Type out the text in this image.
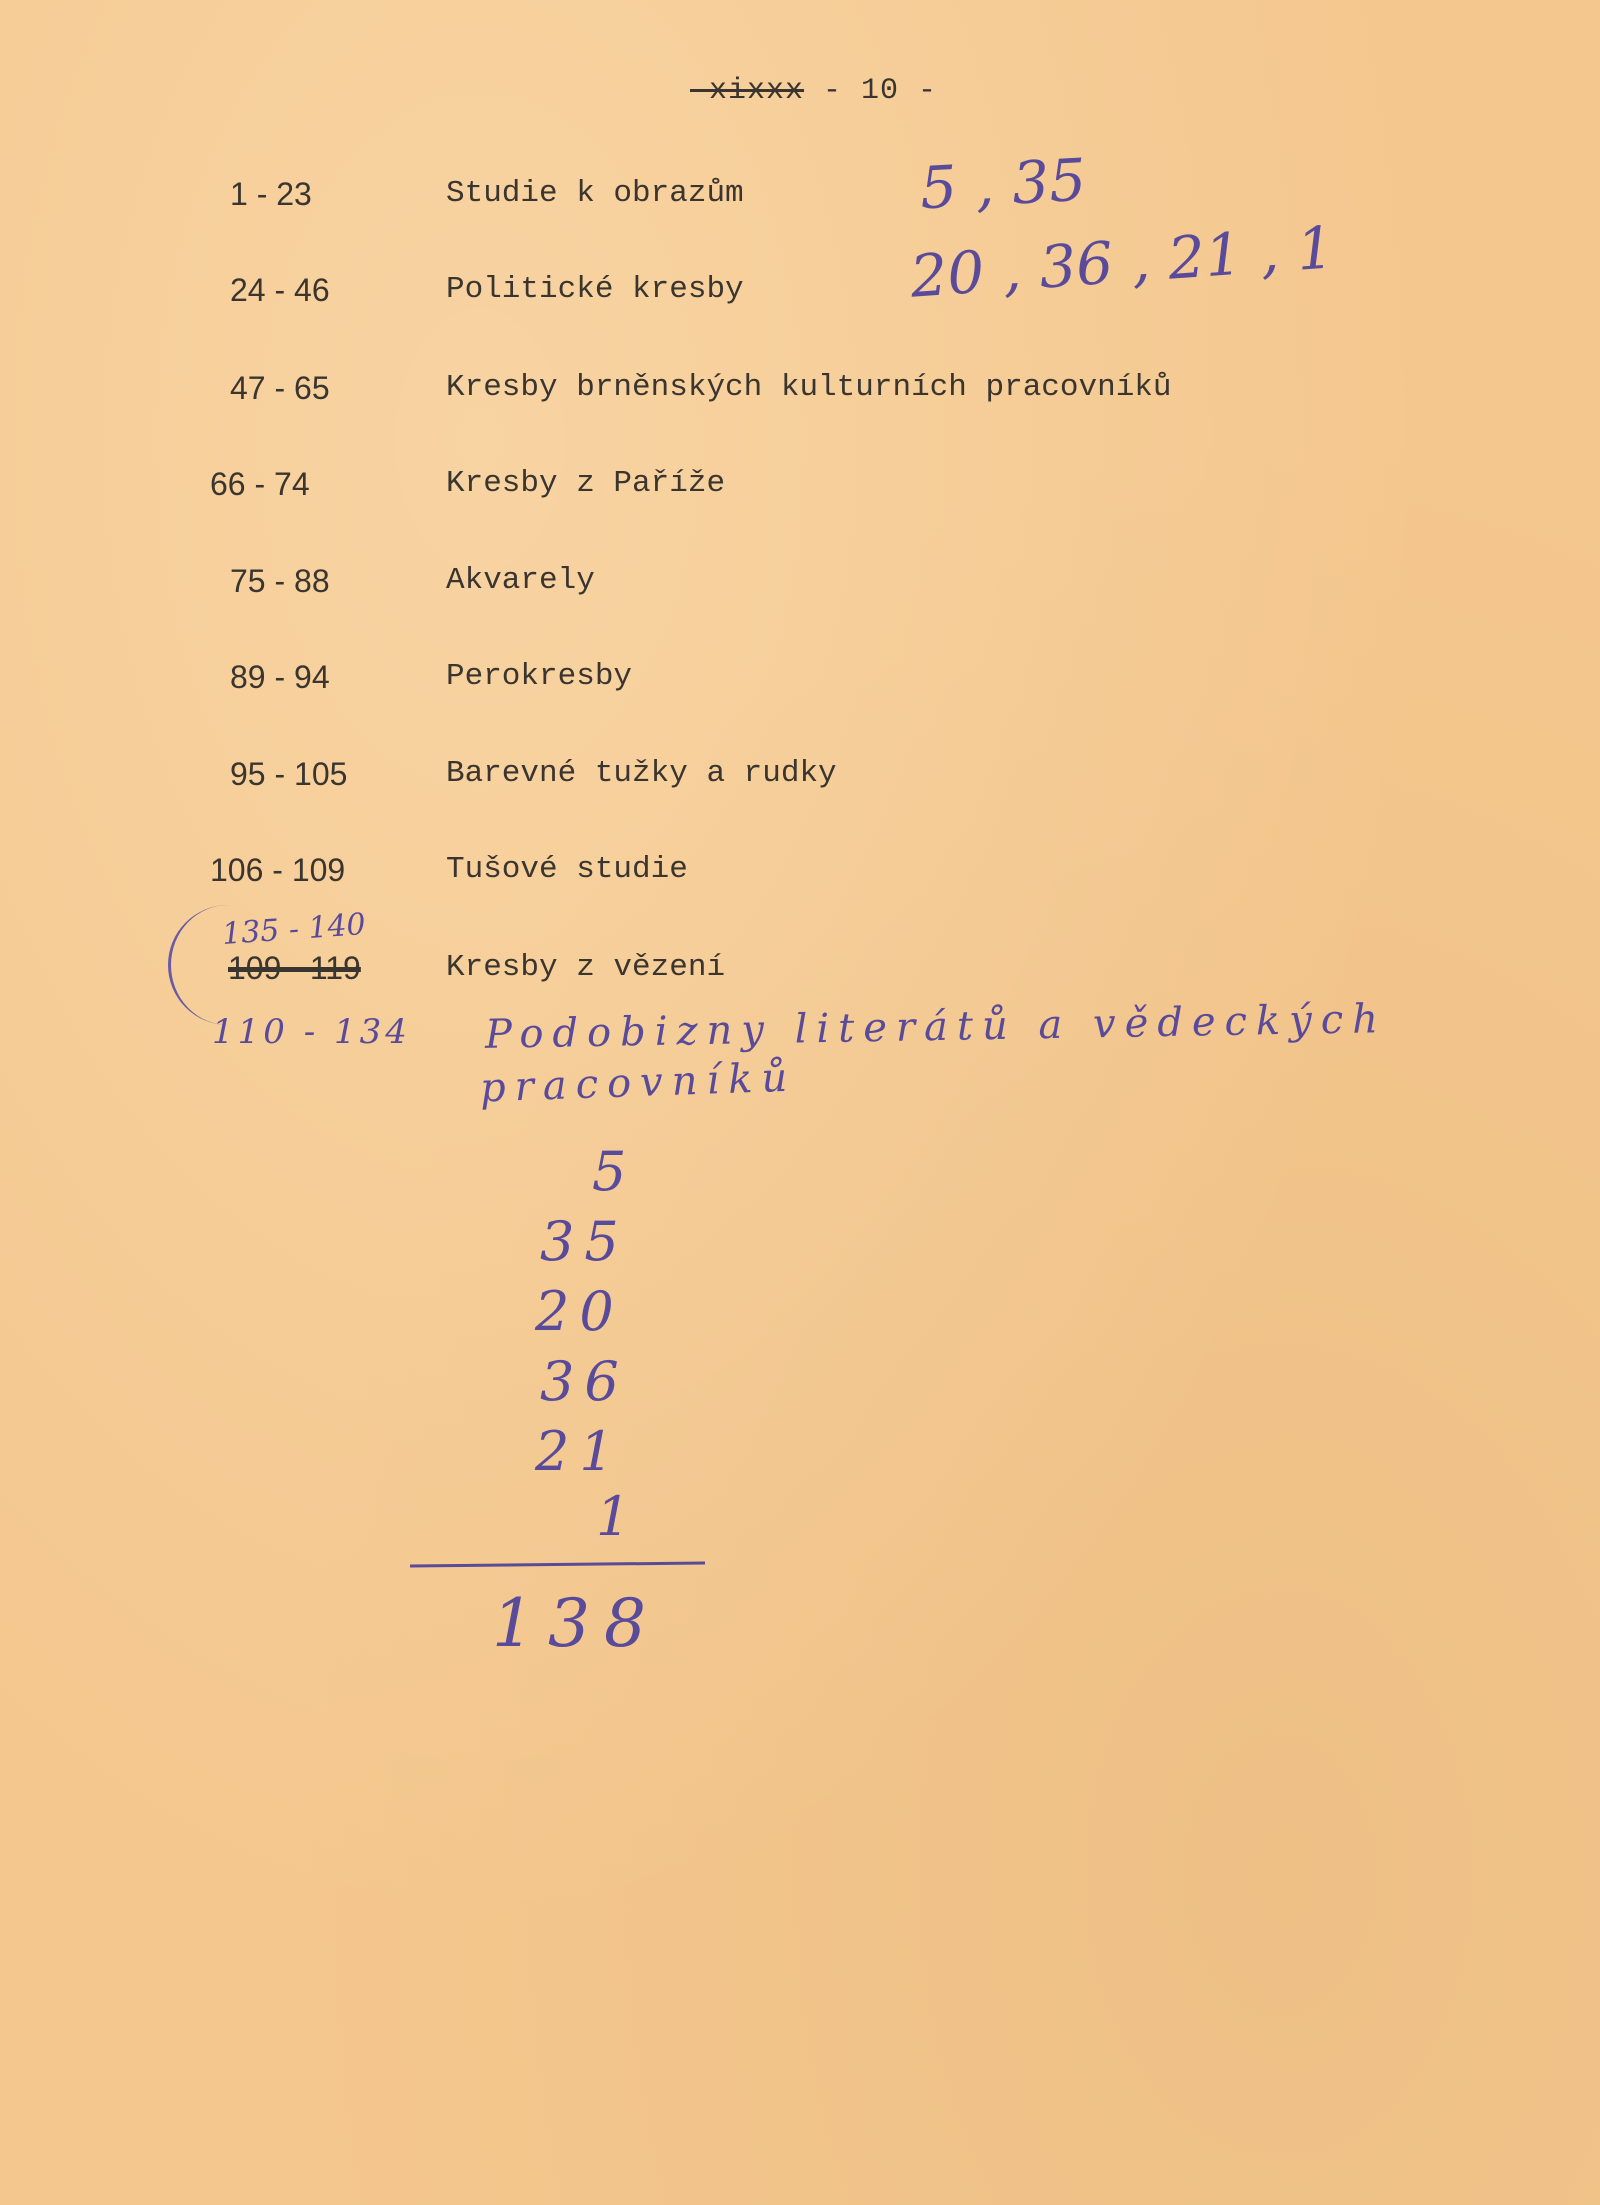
-xixxx - 10 -
1 - 23	Studie k obrazům
24 - 46	Politické kresby
47 - 65	Kresby brněnských kulturních pracovníků
66 - 74	Kresby z Paříže
75 - 88	Akvarely
89 - 94	Perokresby
95 - 105	Barevné tužky a rudky
106 - 109	Tušové studie
109 - 119	Kresby z vězení
135 - 140
5 , 35
20 , 36 , 21 , 1
110 - 134 Podobizny literátů a vědeckých
pracovníků
5
35
20
36
21
1
138
